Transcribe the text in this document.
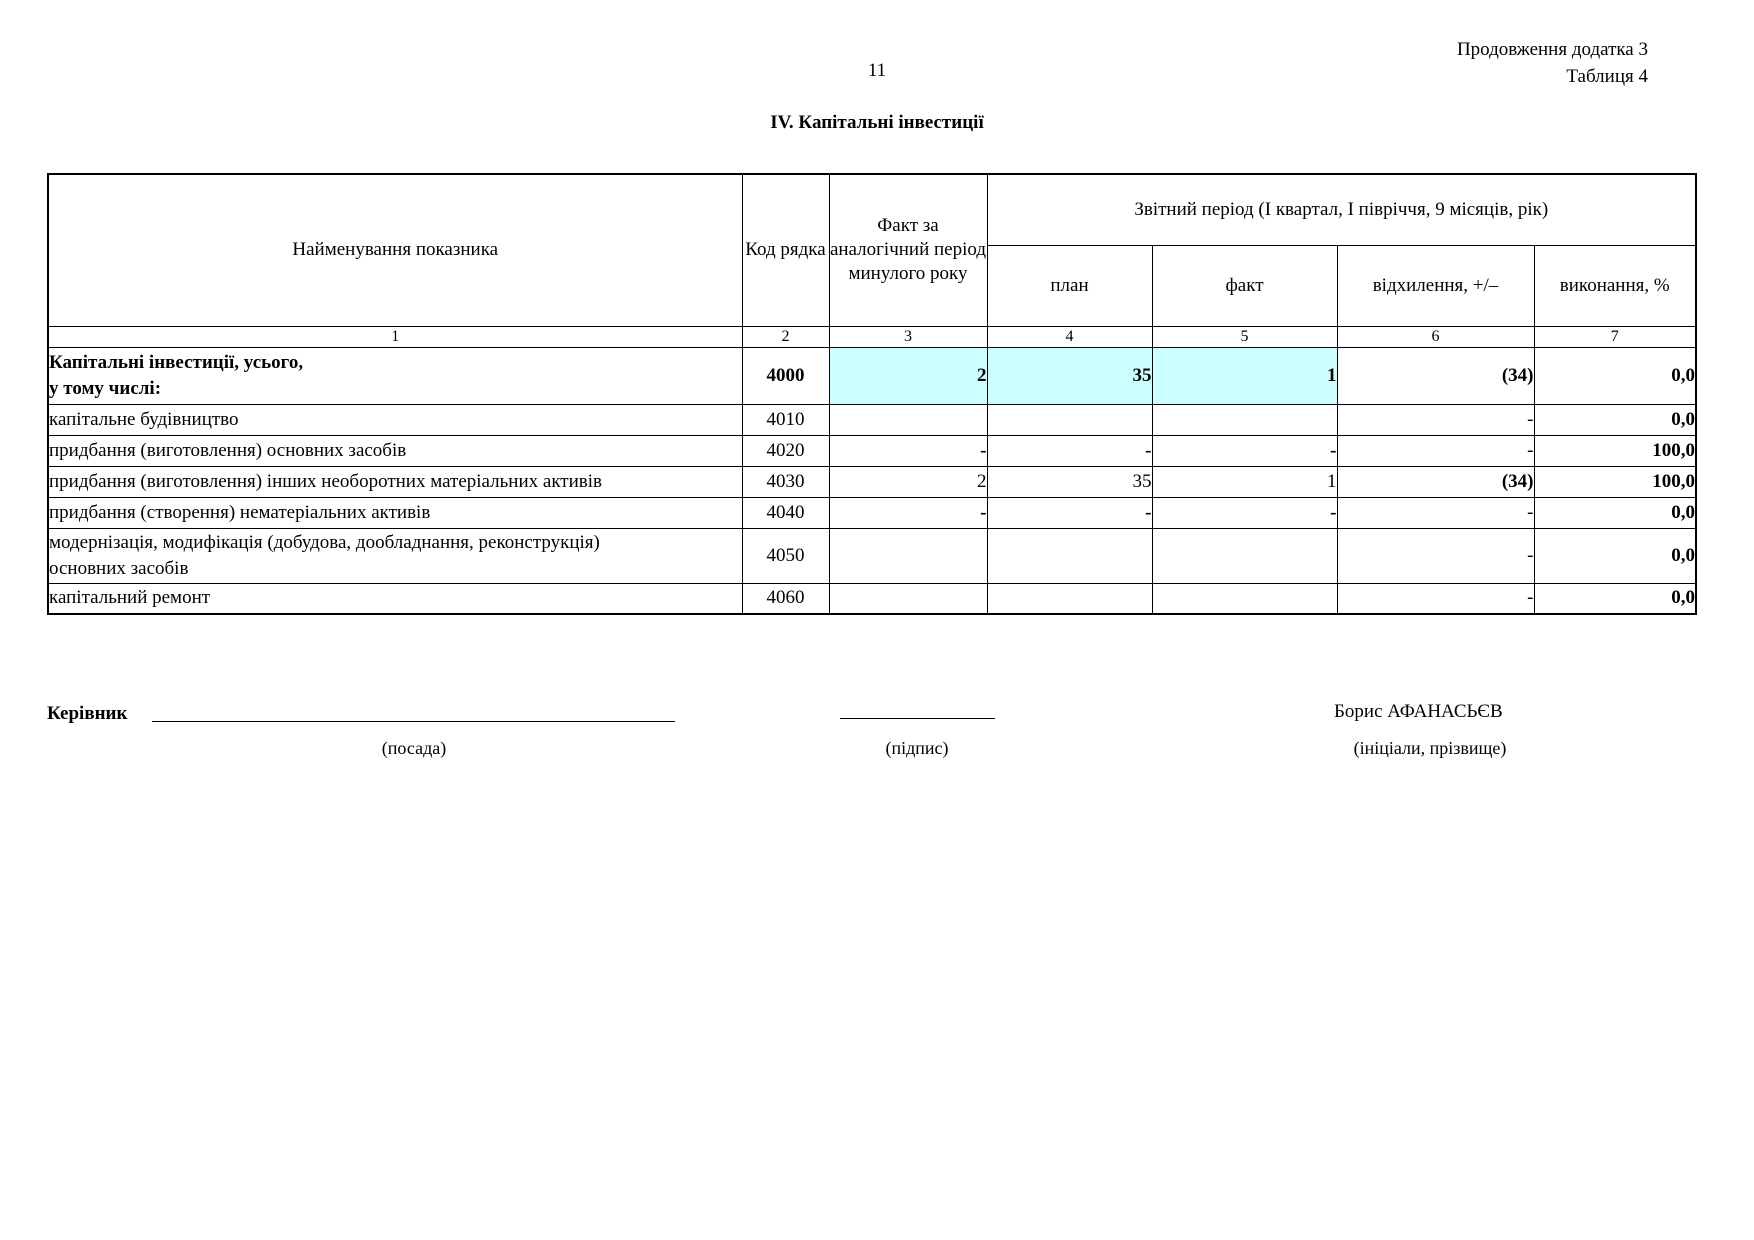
Продовження додатка 3
Таблиця 4
11
IV. Капітальні інвестиції
Найменування показника	Код рядка	Факт за аналогічний період минулого року	Звітний період (І квартал, І півріччя, 9 місяців, рік)			
			план	факт	відхилення, +/–	виконання, %
1	2	3	4	5	6	7

Капітальні інвестиції, усього,
у тому числі:	4000	2	35	1	(34)	0,0

капітальне будівництво	4010				-	0,0

придбання (виготовлення) основних засобів	4020	-	-	-	-	100,0

придбання (виготовлення) інших необоротних матеріальних активів	4030	2	35	1	(34)	100,0

придбання (створення) нематеріальних активів	4040	-	-	-	-	0,0

модернізація, модифікація (добудова, дообладнання, реконструкція) основних засобів	4050				-	0,0

капітальний ремонт	4060				-	0,0
Керівник	Борис АФАНАСЬЄВ
(посада)	(підпис)	(ініціали, прізвище)
